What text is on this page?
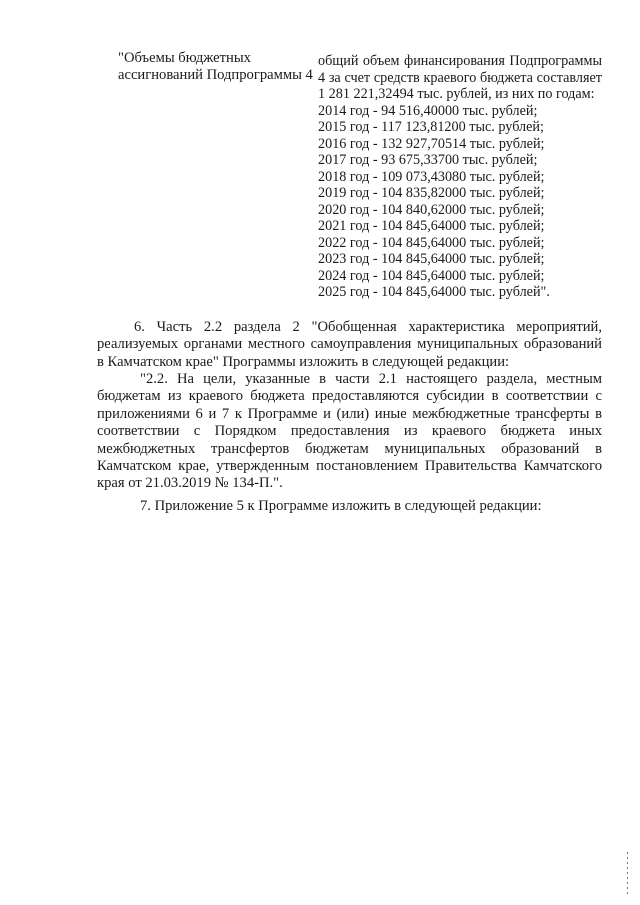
"Объемы бюджетных ассигнований Подпрограммы 4
общий объем финансирования Подпрограммы 4 за счет средств краевого бюджета составляет 1 281 221,32494 тыс. рублей, из них по годам:
2014 год - 94 516,40000 тыс. рублей;
2015 год - 117 123,81200 тыс. рублей;
2016 год - 132 927,70514 тыс. рублей;
2017 год - 93 675,33700 тыс. рублей;
2018 год - 109 073,43080 тыс. рублей;
2019 год - 104 835,82000 тыс. рублей;
2020 год - 104 840,62000 тыс. рублей;
2021 год - 104 845,64000 тыс. рублей;
2022 год - 104 845,64000 тыс. рублей;
2023 год - 104 845,64000 тыс. рублей;
2024 год - 104 845,64000 тыс. рублей;
2025 год - 104 845,64000 тыс. рублей".
6. Часть 2.2 раздела 2 "Обобщенная характеристика мероприятий, реализуемых органами местного самоуправления муниципальных образований в Камчатском крае" Программы изложить в следующей редакции:
"2.2. На цели, указанные в части 2.1 настоящего раздела, местным бюджетам из краевого бюджета предоставляются субсидии в соответствии с приложениями 6 и 7 к Программе и (или) иные межбюджетные трансферты в соответствии с Порядком предоставления из краевого бюджета иных межбюджетных трансфертов бюджетам муниципальных образований в Камчатском крае, утвержденным постановлением Правительства Камчатского края от 21.03.2019 № 134-П.".
7. Приложение 5 к Программе изложить в следующей редакции:
